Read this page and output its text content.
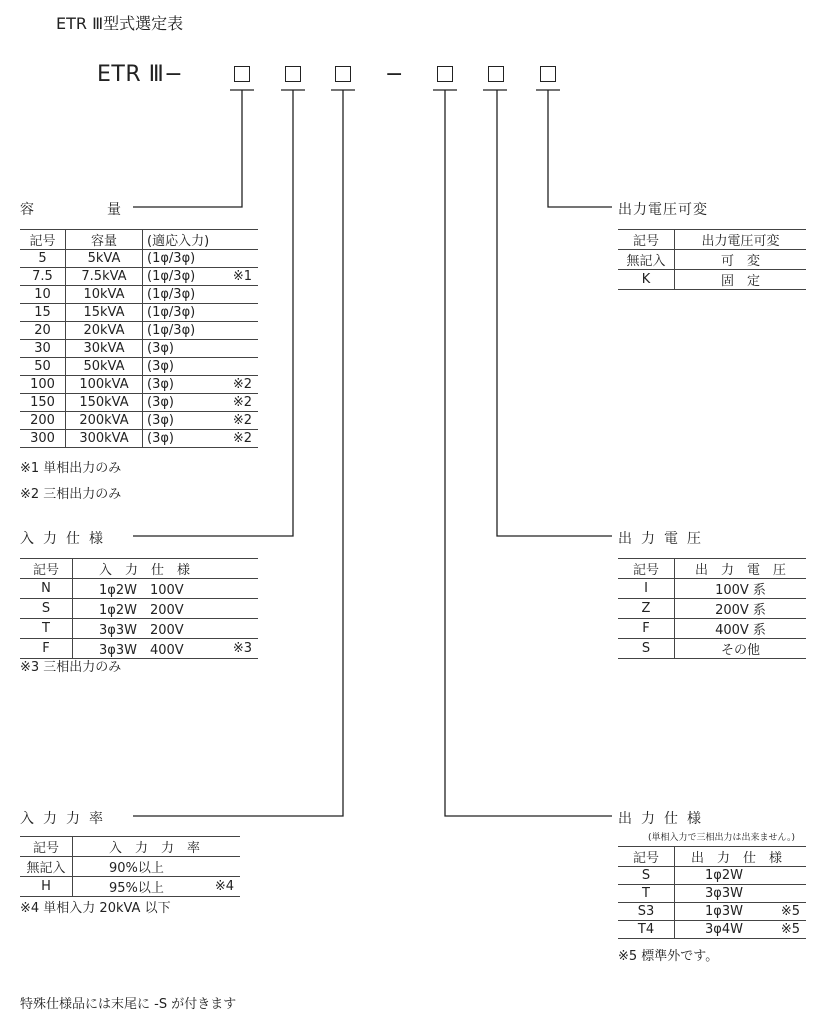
ETR Ⅲ型式選定表
ETR Ⅲ−	−
容　量
記号	容量	(適応入力)	
5	5kVA	(1φ/3φ)	
7.5	7.5kVA	(1φ/3φ)	※1
10	10kVA	(1φ/3φ)	
15	15kVA	(1φ/3φ)	
20	20kVA	(1φ/3φ)	
30	30kVA	(3φ)	
50	50kVA	(3φ)	
100	100kVA	(3φ)	※2
150	150kVA	(3φ)	※2
200	200kVA	(3φ)	※2
300	300kVA	(3φ)	※2
※1 単相出力のみ
※2 三相出力のみ
入力仕様
記号	入　力　仕　様	
N	1φ2W　100V	
S	1φ2W　200V	
T	3φ3W　200V	
F	3φ3W　400V	※3
※3 三相出力のみ
入力力率
記号	入　力　力　率	
無記入	90%以上	
H	95%以上	※4
※4 単相入力 20kVA 以下
出力電圧可変
記号	出力電圧可変
無記入	可　変
K	固　定
出力電圧
記号	出　力　電　圧
I	100V 系
Z	200V 系
F	400V 系
S	その他
出力仕様
(単相入力で三相出力は出来ません。)
記号	出　力　仕　様	
S	1φ2W	
T	3φ3W	
S3	1φ3W	※5
T4	3φ4W	※5
※5 標準外です。
特殊仕様品には末尾に -S が付きます
